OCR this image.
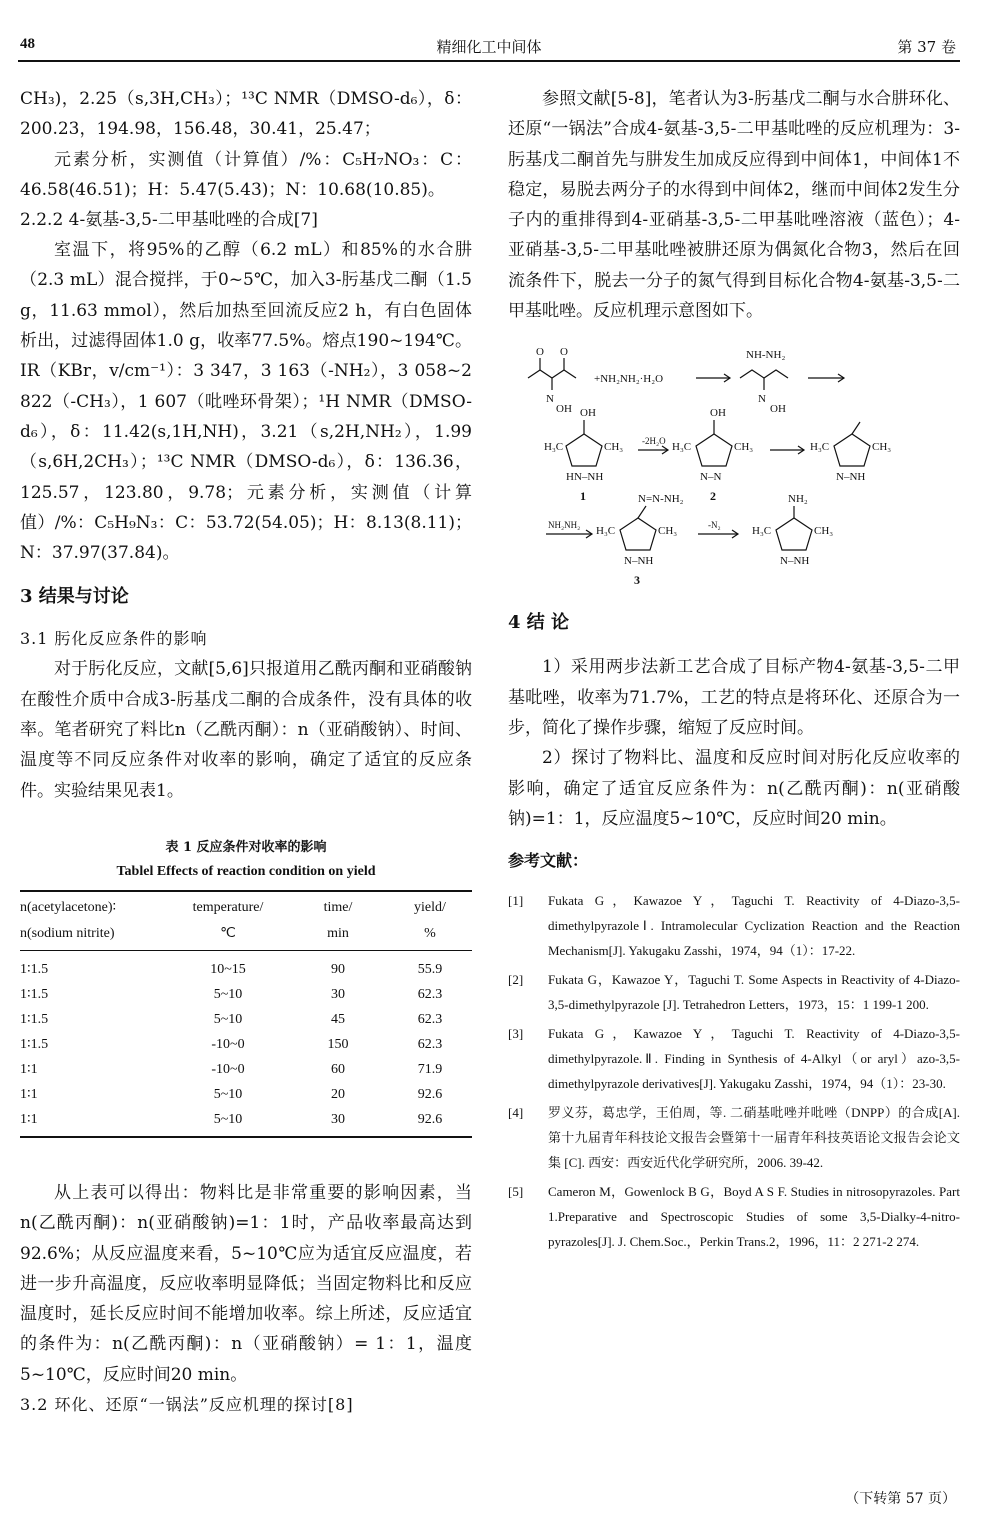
48	精细化工中间体	第 37 卷

CH₃)，2.25（s,3H,CH₃）；¹³C NMR（DMSO-d₆），δ：200.23，194.98，156.48，30.41，25.47；

元素分析，实测值（计算值）/%：C₅H₇NO₃：C：46.58(46.51)；H：5.47(5.43)；N：10.68(10.85)。

2.2.2 4-氨基-3,5-二甲基吡唑的合成[7]

室温下，将95%的乙醇（6.2 mL）和85%的水合肼（2.3 mL）混合搅拌，于0~5℃，加入3-肟基戊二酮（1.5 g，11.63 mmol），然后加热至回流反应2 h，有白色固体析出，过滤得固体1.0 g，收率77.5%。熔点190~194℃。IR（KBr，v/cm⁻¹）：3 347，3 163（-NH₂），3 058~2 822（-CH₃），1 607（吡唑环骨架）；¹H NMR（DMSO-d₆），δ：11.42(s,1H,NH)，3.21（s,2H,NH₂），1.99（s,6H,2CH₃）；¹³C NMR（DMSO-d₆），δ：136.36，125.57，123.80，9.78；元素分析，实测值（计算值）/%：C₅H₉N₃：C：53.72(54.05)；H：8.13(8.11)；N：37.97(37.84)。

3 结果与讨论
3.1 肟化反应条件的影响

对于肟化反应，文献[5,6]只报道用乙酰丙酮和亚硝酸钠在酸性介质中合成3-肟基戊二酮的合成条件，没有具体的收率。笔者研究了料比n（乙酰丙酮）：n（亚硝酸钠）、时间、温度等不同反应条件对收率的影响，确定了适宜的反应条件。实验结果见表1。

表 1 反应条件对收率的影响
Tablel Effects of reaction condition on yield
n(acetylacetone)∶	temperature/	time/	yield/
n(sodium nitrite)	℃	min	%
1∶1.5	10~15	90	55.9
1∶1.5	5~10	30	62.3
1∶1.5	5~10	45	62.3
1∶1.5	-10~0	150	62.3
1∶1	-10~0	60	71.9
1∶1	5~10	20	92.6
1∶1	5~10	30	92.6

从上表可以得出：物料比是非常重要的影响因素，当n(乙酰丙酮)：n(亚硝酸钠)=1：1时，产品收率最高达到92.6%；从反应温度来看，5~10℃应为适宜反应温度，若进一步升高温度，反应收率明显降低；当固定物料比和反应温度时，延长反应时间不能增加收率。综上所述，反应适宜的条件为：n(乙酰丙酮)：n（亚硝酸钠）= 1：1，温度5~10℃，反应时间20 min。

3.2 环化、还原“一锅法”反应机理的探讨[8]

参照文献[5-8]，笔者认为3-肟基戊二酮与水合肼环化、还原“一锅法”合成4-氨基-3,5-二甲基吡唑的反应机理为：3-肟基戊二酮首先与肼发生加成反应得到中间体1，中间体1不稳定，易脱去两分子的水得到中间体2，继而中间体2发生分子内的重排得到4-亚硝基-3,5-二甲基吡唑溶液（蓝色）；4-亚硝基-3,5-二甲基吡唑被肼还原为偶氮化合物3，然后在回流条件下，脱去一分子的氮气得到目标化合物4-氨基-3,5-二甲基吡唑。反应机理示意图如下。

O O
N
OH
+NH₂NH₂·H₂O
NH-NH₂
N
OH
OH
H₃C	CH₃
HN–NH
-2H₂O
OH
H₃C	CH₃
N–N
H₃C	CH₃
N–NH
NH₂NH₂
N=N-NH₂
H₃C	CH₃
N–NH
-N₂
NH₂
H₃C	CH₃
N–NH
1	2
3
4 结 论

1）采用两步法新工艺合成了目标产物4-氨基-3,5-二甲基吡唑，收率为71.7%，工艺的特点是将环化、还原合为一步，简化了操作步骤，缩短了反应时间。

2）探讨了物料比、温度和反应时间对肟化反应收率的影响，确定了适宜反应条件为：n(乙酰丙酮)：n(亚硝酸钠)=1：1，反应温度5~10℃，反应时间20 min。

参考文献：
[1] Fukata G，Kawazoe Y，Taguchi T. Reactivity of 4-Diazo-3,5-dimethylpyrazoleⅠ. Intramolecular Cyclization Reaction and the Reaction Mechanism[J]. Yakugaku Zasshi，1974，94（1）：17-22.
[2] Fukata G，Kawazoe Y，Taguchi T. Some Aspects in Reactivity of 4-Diazo-3,5-dimethylpyrazole [J]. Tetrahedron Letters，1973，15：1 199-1 200.
[3] Fukata G，Kawazoe Y，Taguchi T. Reactivity of 4-Diazo-3,5-dimethylpyrazole.Ⅱ. Finding in Synthesis of 4-Alkyl（or aryl）azo-3,5-dimethylpyrazole derivatives[J]. Yakugaku Zasshi，1974，94（1）：23-30.
[4] 罗义芬，葛忠学，王伯周，等. 二硝基吡唑并吡唑（DNPP）的合成[A]. 第十九届青年科技论文报告会暨第十一届青年科技英语论文报告会论文集 [C]. 西安：西安近代化学研究所，2006. 39-42.
[5] Cameron M，Gowenlock B G，Boyd A S F. Studies in nitrosopyrazoles. Part 1.Preparative and Spectroscopic Studies of some 3,5-Dialky-4-nitro-pyrazoles[J]. J. Chem.Soc.，Perkin Trans.2，1996，11：2 271-2 274.
（下转第 57 页）
